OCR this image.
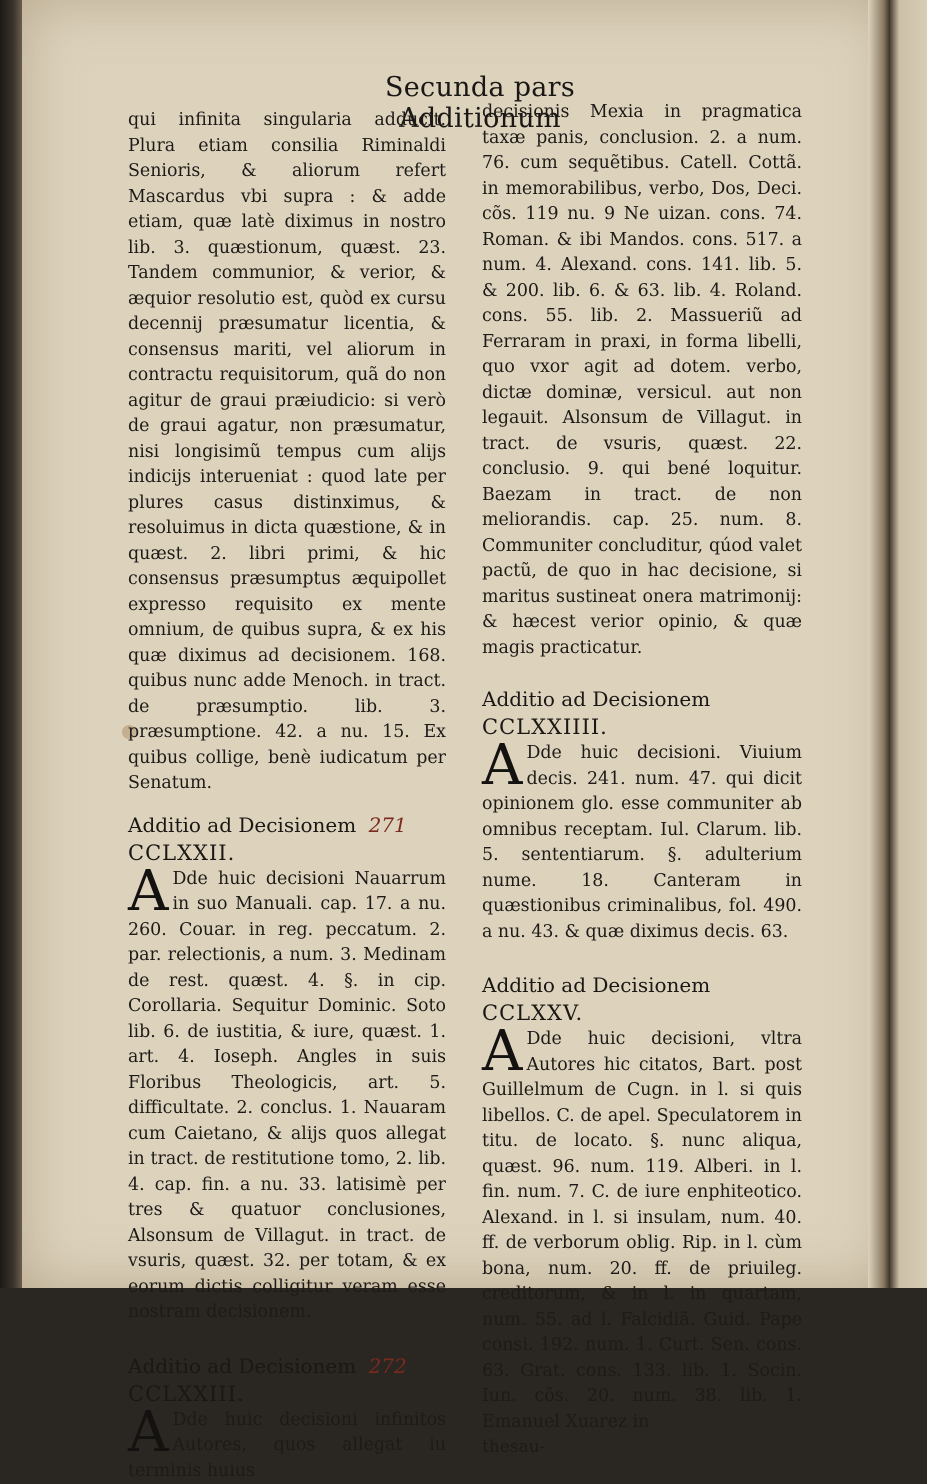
Secunda pars Additionum

qui infinita singularia adducit. Plura etiam consilia Riminaldi Senioris, & aliorum refert Mascardus vbi supra : & adde etiam, quæ latè diximus in nostro lib. 3. quæstionum, quæst. 23. Tandem communior, & verior, & æquior resolutio est, quòd ex cursu decennij præsumatur licentia, & consensus mariti, vel aliorum in contractu requisitorum, quã do non agitur de graui præiudicio: si verò de graui agatur, non præsumatur, nisi longisimũ tempus cum alijs indicijs interueniat : quod late per plures casus distinximus, & resoluimus in dicta quæstione, & in quæst. 2. libri primi, & hic consensus præsumptus æquipollet expresso requisito ex mente omnium, de quibus supra, & ex his quæ diximus ad decisionem. 168. quibus nunc adde Menoch. in tract. de præsumptio. lib. 3. præsumptione. 42. a nu. 15. Ex quibus collige, benè iudicatum per Senatum.

Additio ad Decisionem 271

CCLXXII.

A Dde huic decisioni Nauarrum in suo Manuali. cap. 17. a nu. 260. Couar. in reg. peccatum. 2. par. relectionis, a num. 3. Medinam de rest. quæst. 4. §. in cip. Corollaria. Sequitur Dominic. Soto lib. 6. de iustitia, & iure, quæst. 1. art. 4. Ioseph. Angles in suis Floribus Theologicis, art. 5. difficultate. 2. conclus. 1. Nauaram cum Caietano, & alijs quos allegat in tract. de restitutione tomo, 2. lib. 4. cap. fin. a nu. 33. latisimè per tres & quatuor conclusiones, Alsonsum de Villagut. in tract. de vsuris, quæst. 32. per totam, & ex eorum dictis colligitur veram esse nostram decisionem.

Additio ad Decisionem 272

CCLXXIII.

A Dde huic decisioni infinitos Autores, quos allegat iu terminis huius

decisionis Mexia in pragmatica taxæ panis, conclusion. 2. a num. 76. cum sequẽtibus. Catell. Cottã. in memorabilibus, verbo, Dos, Deci. cõs. 119 nu. 9 Ne uizan. cons. 74. Roman. & ibi Mandos. cons. 517. a num. 4. Alexand. cons. 141. lib. 5. & 200. lib. 6. & 63. lib. 4. Roland. cons. 55. lib. 2. Massueriũ ad Ferraram in praxi, in forma libelli, quo vxor agit ad dotem. verbo, dictæ dominæ, versicul. aut non legauit. Alsonsum de Villagut. in tract. de vsuris, quæst. 22. conclusio. 9. qui bené loquitur. Baezam in tract. de non meliorandis. cap. 25. num. 8. Communiter concluditur, qúod valet pactũ, de quo in hac decisione, si maritus sustineat onera matrimonij: & hæcest verior opinio, & quæ magis practicatur.

Additio ad Decisionem

CCLXXIIII.

A Dde huic decisioni. Viuium decis. 241. num. 47. qui dicit opinionem glo. esse communiter ab omnibus receptam. Iul. Clarum. lib. 5. sententiarum. §. adulterium nume. 18. Canteram in quæstionibus criminalibus, fol. 490. a nu. 43. & quæ diximus decis. 63.

Additio ad Decisionem

CCLXXV.

A Dde huic decisioni, vltra Autores hic citatos, Bart. post Guillelmum de Cugn. in l. si quis libellos. C. de apel. Speculatorem in titu. de locato. §. nunc aliqua, quæst. 96. num. 119. Alberi. in l. fin. num. 7. C. de iure enphiteotico. Alexand. in l. si insulam, num. 40. ff. de verborum oblig. Rip. in l. cùm bona, num. 20. ff. de priuileg. creditorum, & in l. in quartam, num. 55. ad l. Falcidiã. Guid. Pape consi. 192. num. 1. Curt. Sen. cons. 63. Grat. cons. 133. lib. 1. Socin. Iun. cõs. 20. num. 38. lib. 1. Emanuel Xuarez in

thesau-
